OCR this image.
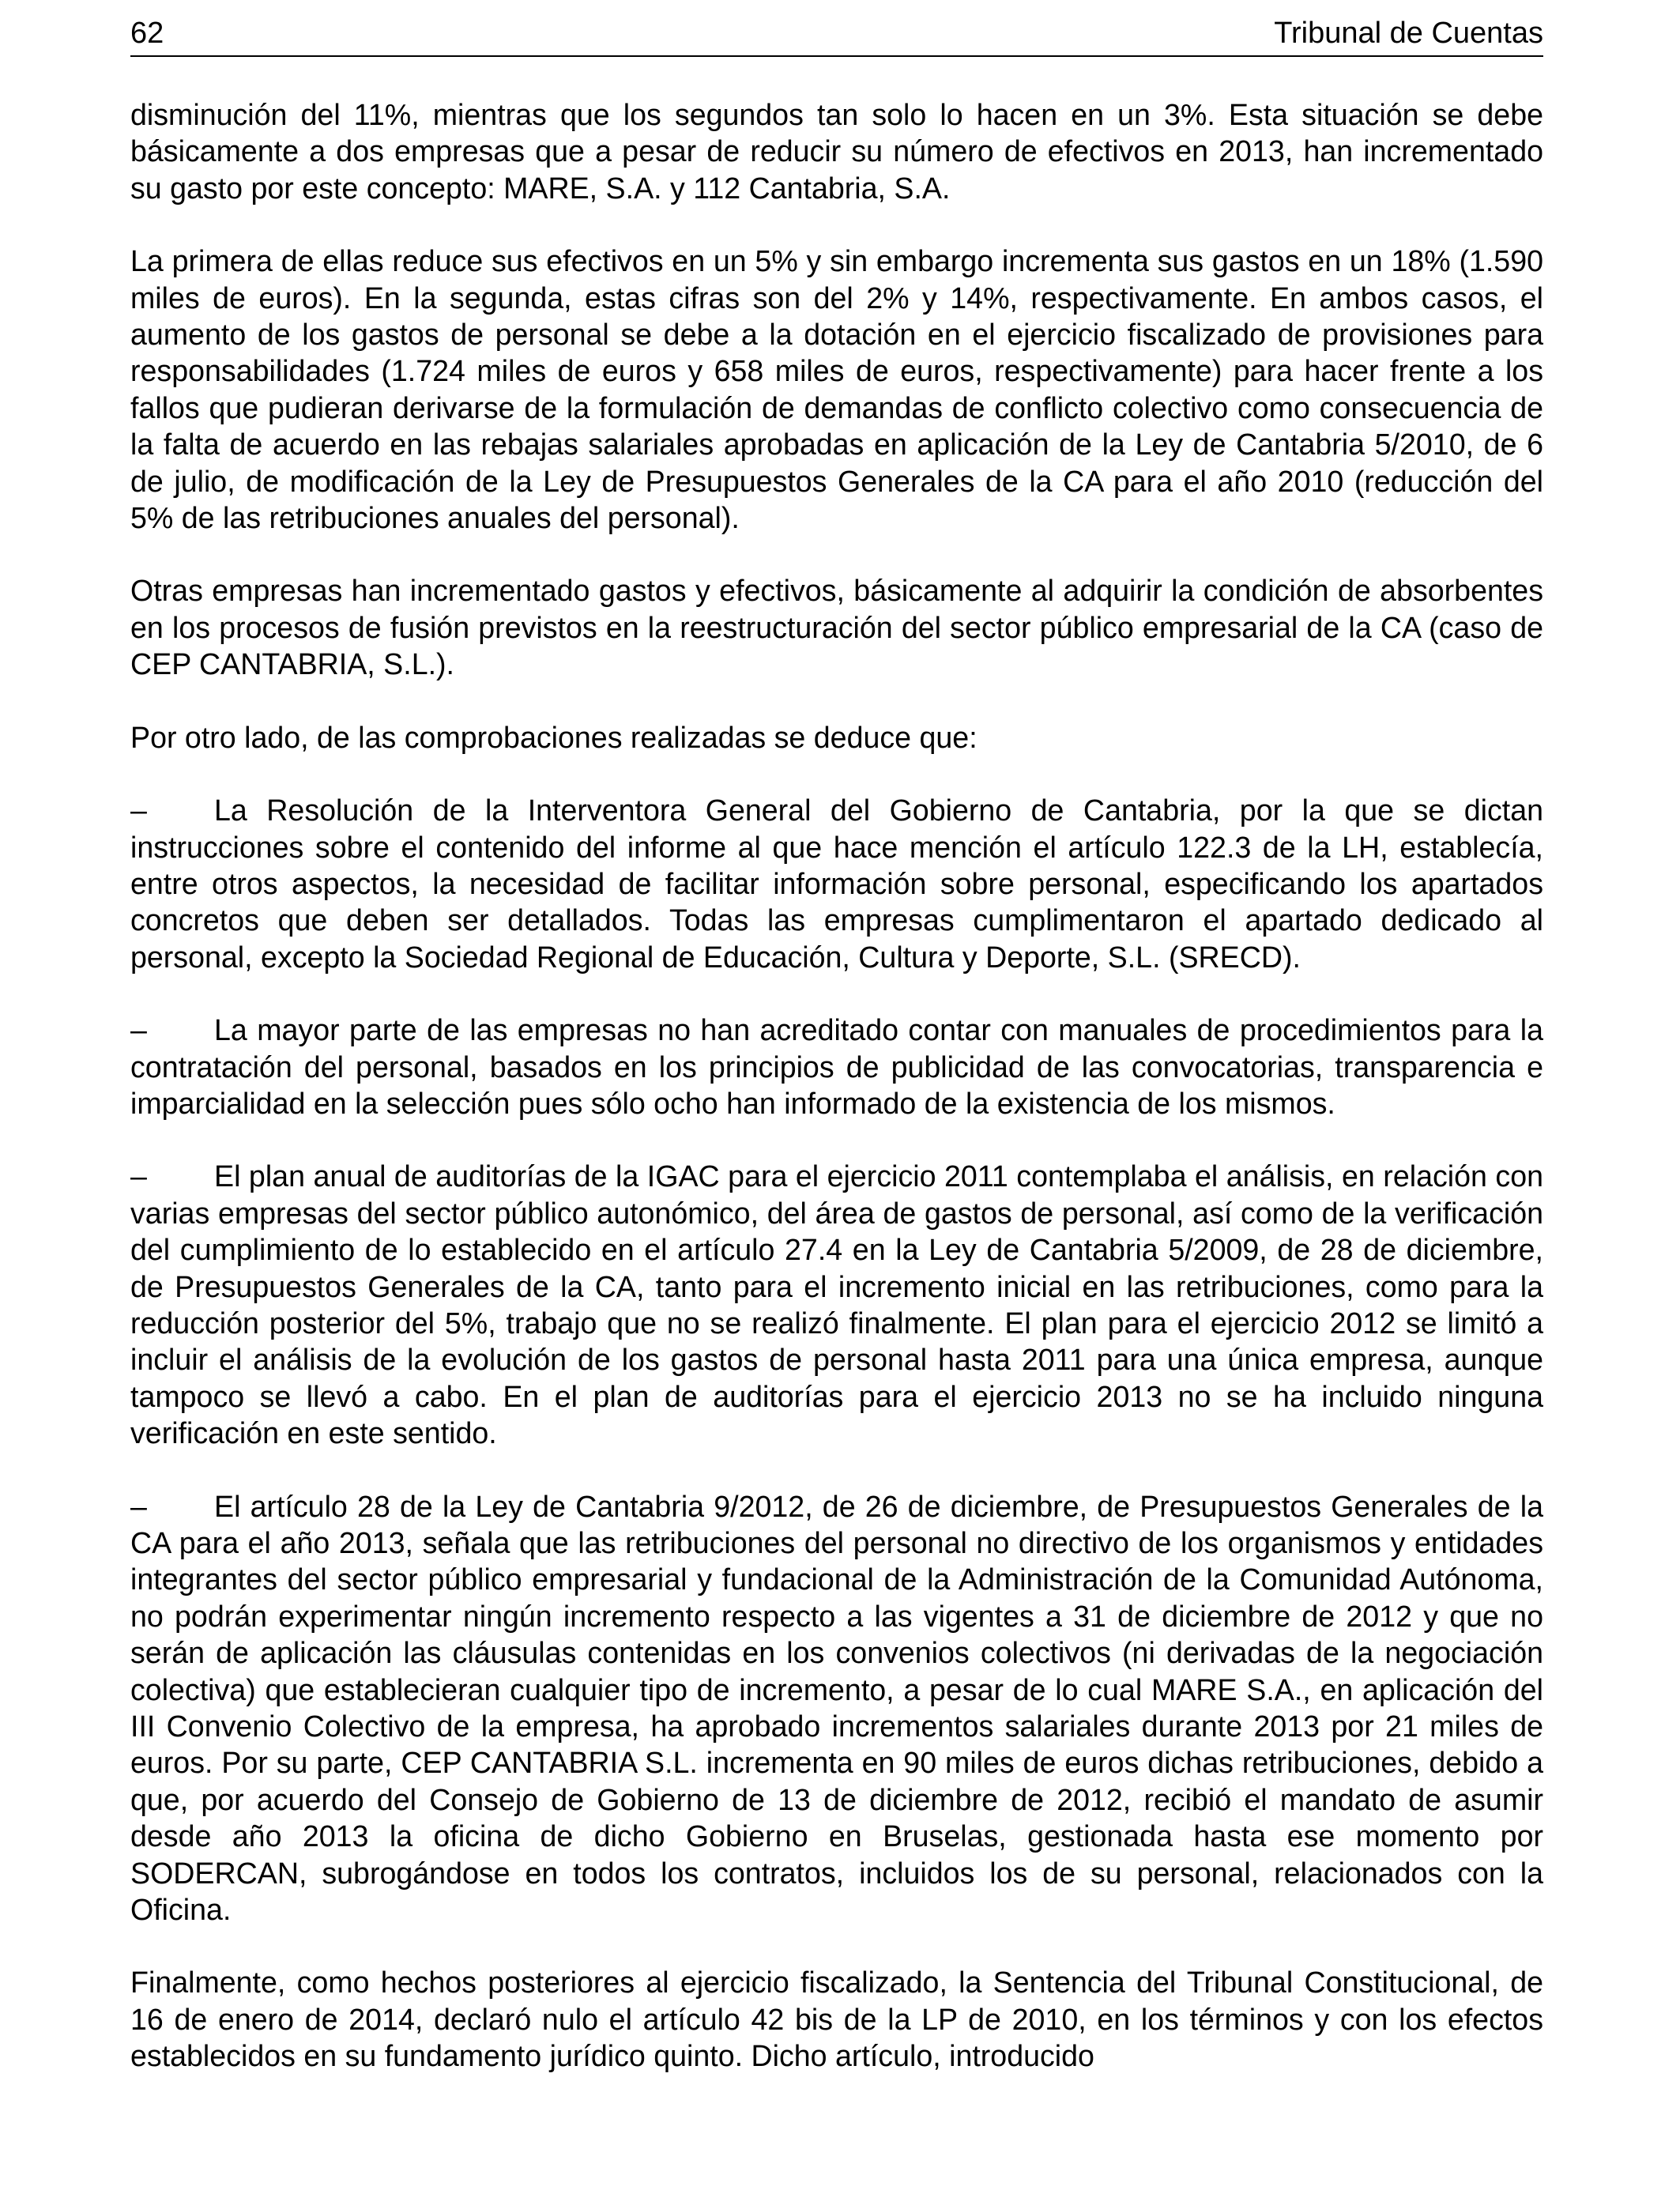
62	Tribunal de Cuentas

disminución del 11%, mientras que los segundos tan solo lo hacen en un 3%. Esta situación se debe básicamente a dos empresas que a pesar de reducir su número de efectivos en 2013, han incrementado su gasto por este concepto: MARE, S.A. y 112 Cantabria, S.A.

La primera de ellas reduce sus efectivos en un 5% y sin embargo incrementa sus gastos en un 18% (1.590 miles de euros). En la segunda, estas cifras son del 2% y 14%, respectivamente. En ambos casos, el aumento de los gastos de personal se debe a la dotación en el ejercicio fiscalizado de provisiones para responsabilidades (1.724 miles de euros y 658 miles de euros, respectivamente) para hacer frente a los fallos que pudieran derivarse de la formulación de demandas de conflicto colectivo como consecuencia de la falta de acuerdo en las rebajas salariales aprobadas en aplicación de la Ley de Cantabria 5/2010, de 6 de julio, de modificación de la Ley de Presupuestos Generales de la CA para el año 2010 (reducción del 5% de las retribuciones anuales del personal).

Otras empresas han incrementado gastos y efectivos, básicamente al adquirir la condición de absorbentes en los procesos de fusión previstos en la reestructuración del sector público empresarial de la CA (caso de CEP CANTABRIA, S.L.).

Por otro lado, de las comprobaciones realizadas se deduce que:

– La Resolución de la Interventora General del Gobierno de Cantabria, por la que se dictan instrucciones sobre el contenido del informe al que hace mención el artículo 122.3 de la LH, establecía, entre otros aspectos, la necesidad de facilitar información sobre personal, especificando los apartados concretos que deben ser detallados. Todas las empresas cumplimentaron el apartado dedicado al personal, excepto la Sociedad Regional de Educación, Cultura y Deporte, S.L. (SRECD).

– La mayor parte de las empresas no han acreditado contar con manuales de procedimientos para la contratación del personal, basados en los principios de publicidad de las convocatorias, transparencia e imparcialidad en la selección pues sólo ocho han informado de la existencia de los mismos.

– El plan anual de auditorías de la IGAC para el ejercicio 2011 contemplaba el análisis, en relación con varias empresas del sector público autonómico, del área de gastos de personal, así como de la verificación del cumplimiento de lo establecido en el artículo 27.4 en la Ley de Cantabria 5/2009, de 28 de diciembre, de Presupuestos Generales de la CA, tanto para el incremento inicial en las retribuciones, como para la reducción posterior del 5%, trabajo que no se realizó finalmente. El plan para el ejercicio 2012 se limitó a incluir el análisis de la evolución de los gastos de personal hasta 2011 para una única empresa, aunque tampoco se llevó a cabo. En el plan de auditorías para el ejercicio 2013 no se ha incluido ninguna verificación en este sentido.

– El artículo 28 de la Ley de Cantabria 9/2012, de 26 de diciembre, de Presupuestos Generales de la CA para el año 2013, señala que las retribuciones del personal no directivo de los organismos y entidades integrantes del sector público empresarial y fundacional de la Administración de la Comunidad Autónoma, no podrán experimentar ningún incremento respecto a las vigentes a 31 de diciembre de 2012 y que no serán de aplicación las cláusulas contenidas en los convenios colectivos (ni derivadas de la negociación colectiva) que establecieran cualquier tipo de incremento, a pesar de lo cual MARE S.A., en aplicación del III Convenio Colectivo de la empresa, ha aprobado incrementos salariales durante 2013 por 21 miles de euros. Por su parte, CEP CANTABRIA S.L. incrementa en 90 miles de euros dichas retribuciones, debido a que, por acuerdo del Consejo de Gobierno de 13 de diciembre de 2012, recibió el mandato de asumir desde año 2013 la oficina de dicho Gobierno en Bruselas, gestionada hasta ese momento por SODERCAN, subrogándose en todos los contratos, incluidos los de su personal, relacionados con la Oficina.

Finalmente, como hechos posteriores al ejercicio fiscalizado, la Sentencia del Tribunal Constitucional, de 16 de enero de 2014, declaró nulo el artículo 42 bis de la LP de 2010, en los términos y con los efectos establecidos en su fundamento jurídico quinto. Dicho artículo, introducido
